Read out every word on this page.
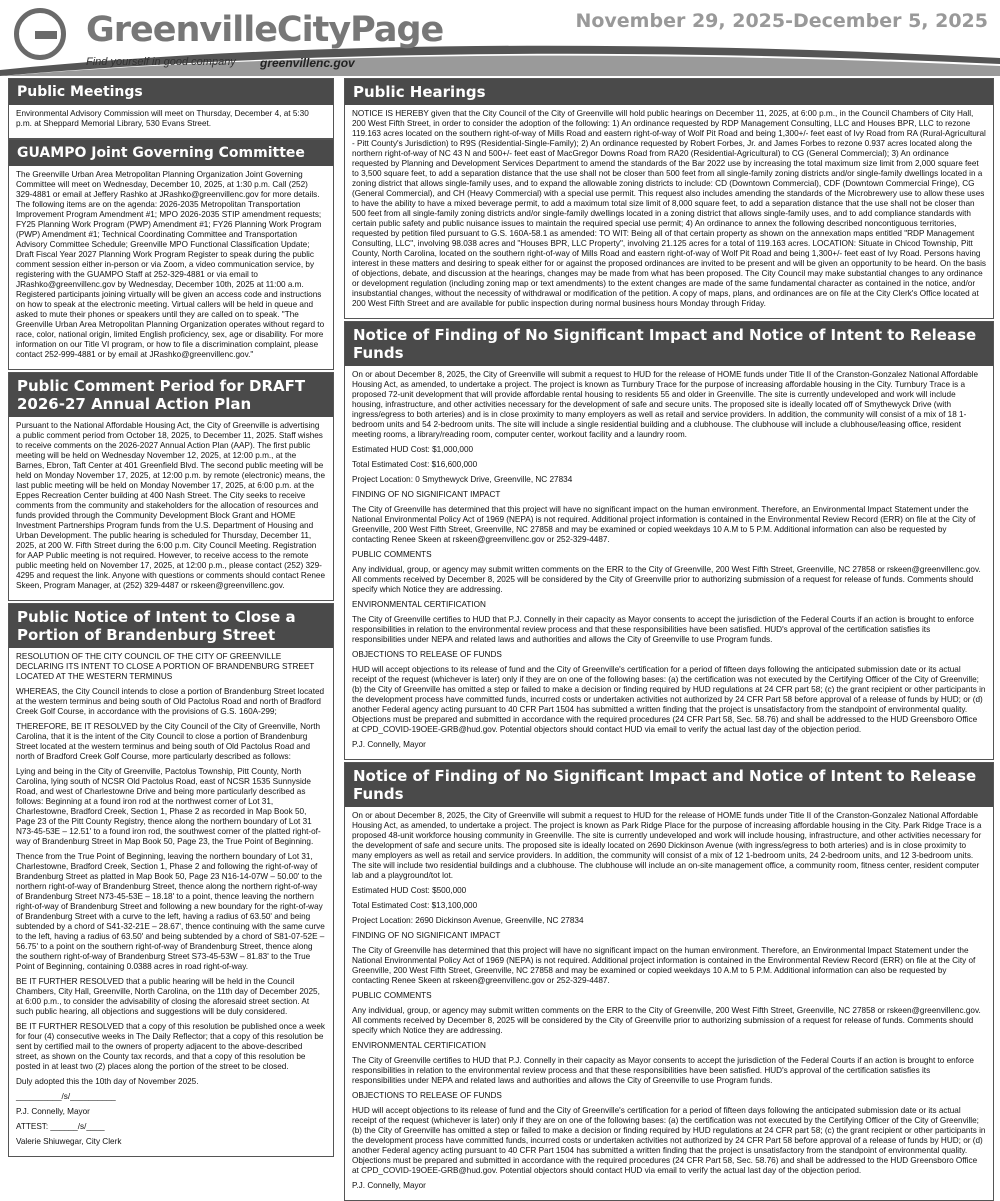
GreenvilleCityPage
Find yourself in good company greenvillenc.gov
November 29, 2025-December 5, 2025
Public Meetings

Environmental Advisory Commission will meet on Thursday, December 4, at 5:30 p.m. at Sheppard Memorial Library, 530 Evans Street.

GUAMPO Joint Governing Committee

The Greenville Urban Area Metropolitan Planning Organization Joint Governing Committee will meet on Wednesday, December 10, 2025, at 1:30 p.m. Call (252) 329-4881 or email at Jeffery Rashko at JRashko@greenvillenc.gov for more details. The following items are on the agenda: 2026-2035 Metropolitan Transportation Improvement Program Amendment #1; MPO 2026-2035 STIP amendment requests; FY25 Planning Work Program (PWP) Amendment #1; FY26 Planning Work Program (PWP) Amendment #1; Technical Coordinating Committee and Transportation Advisory Committee Schedule; Greenville MPO Functional Classification Update; Draft Fiscal Year 2027 Planning Work Program Register to speak during the public comment session either in-person or via Zoom, a video communication service, by registering with the GUAMPO Staff at 252-329-4881 or via email to JRashko@greenvillenc.gov by Wednesday, December 10th, 2025 at 11:00 a.m. Registered participants joining virtually will be given an access code and instructions on how to speak at the electronic meeting. Virtual callers will be held in queue and asked to mute their phones or speakers until they are called on to speak. "The Greenville Urban Area Metropolitan Planning Organization operates without regard to race, color, national origin, limited English proficiency, sex, age or disability. For more information on our Title VI program, or how to file a discrimination complaint, please contact 252-999-4881 or by email at JRashko@greenvillenc.gov."

Public Comment Period for DRAFT 2026-27 Annual Action Plan

Pursuant to the National Affordable Housing Act, the City of Greenville is advertising a public comment period from October 18, 2025, to December 11, 2025. Staff wishes to receive comments on the 2026-2027 Annual Action Plan (AAP). The first public meeting will be held on Wednesday November 12, 2025, at 12:00 p.m., at the Barnes, Ebron, Taft Center at 401 Greenfield Blvd. The second public meeting will be held on Monday November 17, 2025, at 12:00 p.m. by remote (electronic) means, the last public meeting will be held on Monday November 17, 2025, at 6:00 p.m. at the Eppes Recreation Center building at 400 Nash Street. The City seeks to receive comments from the community and stakeholders for the allocation of resources and funds provided through the Community Development Block Grant and HOME Investment Partnerships Program funds from the U.S. Department of Housing and Urban Development. The public hearing is scheduled for Thursday, December 11, 2025, at 200 W. Fifth Street during the 6:00 p.m. City Council Meeting. Registration for AAP Public meeting is not required. However, to receive access to the remote public meeting held on November 17, 2025, at 12:00 p.m., please contact (252) 329-4295 and request the link. Anyone with questions or comments should contact Renee Skeen, Program Manager, at (252) 329-4487 or rskeen@greenvillenc.gov.

Public Notice of Intent to Close a Portion of Brandenburg Street

RESOLUTION OF THE CITY COUNCIL OF THE CITY OF GREENVILLE DECLARING ITS INTENT TO CLOSE A PORTION OF BRANDENBURG STREET LOCATED AT THE WESTERN TERMINUS

WHEREAS, the City Council intends to close a portion of Brandenburg Street located at the western terminus and being south of Old Pactolus Road and north of Bradford Creek Golf Course, in accordance with the provisions of G.S. 160A-299;

THEREFORE, BE IT RESOLVED by the City Council of the City of Greenville, North Carolina, that it is the intent of the City Council to close a portion of Brandenburg Street located at the western terminus and being south of Old Pactolus Road and north of Bradford Creek Golf Course, more particularly described as follows:

Lying and being in the City of Greenville, Pactolus Township, Pitt County, North Carolina, lying south of NCSR Old Pactolus Road, east of NCSR 1535 Sunnyside Road, and west of Charlestowne Drive and being more particularly described as follows: Beginning at a found iron rod at the northwest corner of Lot 31, Charlestowne, Bradford Creek, Section 1, Phase 2 as recorded in Map Book 50, Page 23 of the Pitt County Registry, thence along the northern boundary of Lot 31 N73-45-53E – 12.51' to a found iron rod, the southwest corner of the platted right-of-way of Brandenburg Street in Map Book 50, Page 23, the True Point of Beginning.

Thence from the True Point of Beginning, leaving the northern boundary of Lot 31, Charlestowne, Bradford Creek, Section 1, Phase 2 and following the right-of-way of Brandenburg Street as platted in Map Book 50, Page 23 N16-14-07W – 50.00' to the northern right-of-way of Brandenburg Street, thence along the northern right-of-way of Brandenburg Street N73-45-53E – 18.18' to a point, thence leaving the northern right-of-way of Brandenburg Street and following a new boundary for the right-of-way of Brandenburg Street with a curve to the left, having a radius of 63.50' and being subtended by a chord of S41-32-21E – 28.67', thence continuing with the same curve to the left, having a radius of 63.50' and being subtended by a chord of S81-07-52E – 56.75' to a point on the southern right-of-way of Brandenburg Street, thence along the southern right-of-way of Brandenburg Street S73-45-53W – 81.83' to the True Point of Beginning, containing 0.0388 acres in road right-of-way.

BE IT FURTHER RESOLVED that a public hearing will be held in the Council Chambers, City Hall, Greenville, North Carolina, on the 11th day of December 2025, at 6:00 p.m., to consider the advisability of closing the aforesaid street section. At such public hearing, all objections and suggestions will be duly considered.

BE IT FURTHER RESOLVED that a copy of this resolution be published once a week for four (4) consecutive weeks in The Daily Reflector; that a copy of this resolution be sent by certified mail to the owners of property adjacent to the above-described street, as shown on the County tax records, and that a copy of this resolution be posted in at least two (2) places along the portion of the street to be closed.

Duly adopted this the 10th day of November 2025.

__________/s/__________

P.J. Connelly, Mayor

ATTEST: ______/s/____

Valerie Shiuwegar, City Clerk

Public Hearings

NOTICE IS HEREBY given that the City Council of the City of Greenville will hold public hearings on December 11, 2025, at 6:00 p.m., in the Council Chambers of City Hall, 200 West Fifth Street, in order to consider the adoption of the following: 1) An ordinance requested by RDP Management Consulting, LLC and Houses BPR, LLC to rezone 119.163 acres located on the southern right-of-way of Mills Road and eastern right-of-way of Wolf Pit Road and being 1,300+/- feet east of Ivy Road from RA (Rural-Agricultural - Pitt County's Jurisdiction) to R9S (Residential-Single-Family); 2) An ordinance requested by Robert Forbes, Jr. and James Forbes to rezone 0.937 acres located along the northern right-of-way of NC 43 N and 500+/- feet east of MacGregor Downs Road from RA20 (Residential-Agricultural) to CG (General Commercial); 3) An ordinance requested by Planning and Development Services Department to amend the standards of the Bar 2022 use by increasing the total maximum size limit from 2,000 square feet to 3,500 square feet, to add a separation distance that the use shall not be closer than 500 feet from all single-family zoning districts and/or single-family dwellings located in a zoning district that allows single-family uses, and to expand the allowable zoning districts to include: CD (Downtown Commercial), CDF (Downtown Commercial Fringe), CG (General Commercial), and CH (Heavy Commercial) with a special use permit. This request also includes amending the standards of the Microbrewery use to allow these uses to have the ability to have a mixed beverage permit, to add a maximum total size limit of 8,000 square feet, to add a separation distance that the use shall not be closer than 500 feet from all single-family zoning districts and/or single-family dwellings located in a zoning district that allows single-family uses, and to add compliance standards with certain public safety and public nuisance issues to maintain the required special use permit; 4) An ordinance to annex the following described noncontiguous territories, requested by petition filed pursuant to G.S. 160A-58.1 as amended: TO WIT: Being all of that certain property as shown on the annexation maps entitled "RDP Management Consulting, LLC", involving 98.038 acres and "Houses BPR, LLC Property", involving 21.125 acres for a total of 119.163 acres. LOCATION: Situate in Chicod Township, Pitt County, North Carolina, located on the southern right-of-way of Mills Road and eastern right-of-way of Wolf Pit Road and being 1,300+/- feet east of Ivy Road. Persons having interest in these matters and desiring to speak either for or against the proposed ordinances are invited to be present and will be given an opportunity to be heard. On the basis of objections, debate, and discussion at the hearings, changes may be made from what has been proposed. The City Council may make substantial changes to any ordinance or development regulation (including zoning map or text amendments) to the extent changes are made of the same fundamental character as contained in the notice, and/or insubstantial changes, without the necessity of withdrawal or modification of the petition. A copy of maps, plans, and ordinances are on file at the City Clerk's Office located at 200 West Fifth Street and are available for public inspection during normal business hours Monday through Friday.

Notice of Finding of No Significant Impact and Notice of Intent to Release Funds

On or about December 8, 2025, the City of Greenville will submit a request to HUD for the release of HOME funds under Title II of the Cranston-Gonzalez National Affordable Housing Act, as amended, to undertake a project. The project is known as Turnbury Trace for the purpose of increasing affordable housing in the City. Turnbury Trace is a proposed 72-unit development that will provide affordable rental housing to residents 55 and older in Greenville. The site is currently undeveloped and work will include housing, infrastructure, and other activities necessary for the development of safe and secure units. The proposed site is ideally located off of Smythewyck Drive (with ingress/egress to both arteries) and is in close proximity to many employers as well as retail and service providers. In addition, the community will consist of a mix of 18 1-bedroom units and 54 2-bedroom units. The site will include a single residential building and a clubhouse. The clubhouse will include a clubhouse/leasing office, resident meeting rooms, a library/reading room, computer center, workout facility and a laundry room.

Estimated HUD Cost: $1,000,000

Total Estimated Cost: $16,600,000

Project Location: 0 Smythewyck Drive, Greenville, NC 27834

FINDING OF NO SIGNIFICANT IMPACT

The City of Greenville has determined that this project will have no significant impact on the human environment. Therefore, an Environmental Impact Statement under the National Environmental Policy Act of 1969 (NEPA) is not required. Additional project information is contained in the Environmental Review Record (ERR) on file at the City of Greenville, 200 West Fifth Street, Greenville, NC 27858 and may be examined or copied weekdays 10 A.M to 5 P.M. Additional information can also be requested by contacting Renee Skeen at rskeen@greenvillenc.gov or 252-329-4487.

PUBLIC COMMENTS

Any individual, group, or agency may submit written comments on the ERR to the City of Greenville, 200 West Fifth Street, Greenville, NC 27858 or rskeen@greenvillenc.gov. All comments received by December 8, 2025 will be considered by the City of Greenville prior to authorizing submission of a request for release of funds. Comments should specify which Notice they are addressing.

ENVIRONMENTAL CERTIFICATION

The City of Greenville certifies to HUD that P.J. Connelly in their capacity as Mayor consents to accept the jurisdiction of the Federal Courts if an action is brought to enforce responsibilities in relation to the environmental review process and that these responsibilities have been satisfied. HUD's approval of the certification satisfies its responsibilities under NEPA and related laws and authorities and allows the City of Greenville to use Program funds.

OBJECTIONS TO RELEASE OF FUNDS

HUD will accept objections to its release of fund and the City of Greenville's certification for a period of fifteen days following the anticipated submission date or its actual receipt of the request (whichever is later) only if they are on one of the following bases: (a) the certification was not executed by the Certifying Officer of the City of Greenville; (b) the City of Greenville has omitted a step or failed to make a decision or finding required by HUD regulations at 24 CFR part 58; (c) the grant recipient or other participants in the development process have committed funds, incurred costs or undertaken activities not authorized by 24 CFR Part 58 before approval of a release of funds by HUD; or (d) another Federal agency acting pursuant to 40 CFR Part 1504 has submitted a written finding that the project is unsatisfactory from the standpoint of environmental quality. Objections must be prepared and submitted in accordance with the required procedures (24 CFR Part 58, Sec. 58.76) and shall be addressed to the HUD Greensboro Office at CPD_COVID-19OEE-GRB@hud.gov. Potential objectors should contact HUD via email to verify the actual last day of the objection period.

P.J. Connelly, Mayor

Notice of Finding of No Significant Impact and Notice of Intent to Release Funds

On or about December 8, 2025, the City of Greenville will submit a request to HUD for the release of HOME funds under Title II of the Cranston-Gonzalez National Affordable Housing Act, as amended, to undertake a project. The project is known as Park Ridge Place for the purpose of increasing affordable housing in the City. Park Ridge Trace is a proposed 48-unit workforce housing community in Greenville. The site is currently undeveloped and work will include housing, infrastructure, and other activities necessary for the development of safe and secure units. The proposed site is ideally located on 2690 Dickinson Avenue (with ingress/egress to both arteries) and is in close proximity to many employers as well as retail and service providers. In addition, the community will consist of a mix of 12 1-bedroom units, 24 2-bedroom units, and 12 3-bedroom units. The site will include two residential buildings and a clubhouse. The clubhouse will include an on-site management office, a community room, fitness center, resident computer lab and a playground/tot lot.

Estimated HUD Cost: $500,000

Total Estimated Cost: $13,100,000

Project Location: 2690 Dickinson Avenue, Greenville, NC 27834

FINDING OF NO SIGNIFICANT IMPACT

The City of Greenville has determined that this project will have no significant impact on the human environment. Therefore, an Environmental Impact Statement under the National Environmental Policy Act of 1969 (NEPA) is not required. Additional project information is contained in the Environmental Review Record (ERR) on file at the City of Greenville, 200 West Fifth Street, Greenville, NC 27858 and may be examined or copied weekdays 10 A.M to 5 P.M. Additional information can also be requested by contacting Renee Skeen at rskeen@greenvillenc.gov or 252-329-4487.

PUBLIC COMMENTS

Any individual, group, or agency may submit written comments on the ERR to the City of Greenville, 200 West Fifth Street, Greenville, NC 27858 or rskeen@greenvillenc.gov. All comments received by December 8, 2025 will be considered by the City of Greenville prior to authorizing submission of a request for release of funds. Comments should specify which Notice they are addressing.

ENVIRONMENTAL CERTIFICATION

The City of Greenville certifies to HUD that P.J. Connelly in their capacity as Mayor consents to accept the jurisdiction of the Federal Courts if an action is brought to enforce responsibilities in relation to the environmental review process and that these responsibilities have been satisfied. HUD's approval of the certification satisfies its responsibilities under NEPA and related laws and authorities and allows the City of Greenville to use Program funds.

OBJECTIONS TO RELEASE OF FUNDS

HUD will accept objections to its release of fund and the City of Greenville's certification for a period of fifteen days following the anticipated submission date or its actual receipt of the request (whichever is later) only if they are on one of the following bases: (a) the certification was not executed by the Certifying Officer of the City of Greenville; (b) the City of Greenville has omitted a step or failed to make a decision or finding required by HUD regulations at 24 CFR part 58; (c) the grant recipient or other participants in the development process have committed funds, incurred costs or undertaken activities not authorized by 24 CFR Part 58 before approval of a release of funds by HUD; or (d) another Federal agency acting pursuant to 40 CFR Part 1504 has submitted a written finding that the project is unsatisfactory from the standpoint of environmental quality. Objections must be prepared and submitted in accordance with the required procedures (24 CFR Part 58, Sec. 58.76) and shall be addressed to the HUD Greensboro Office at CPD_COVID-19OEE-GRB@hud.gov. Potential objectors should contact HUD via email to verify the actual last day of the objection period.

P.J. Connelly, Mayor
